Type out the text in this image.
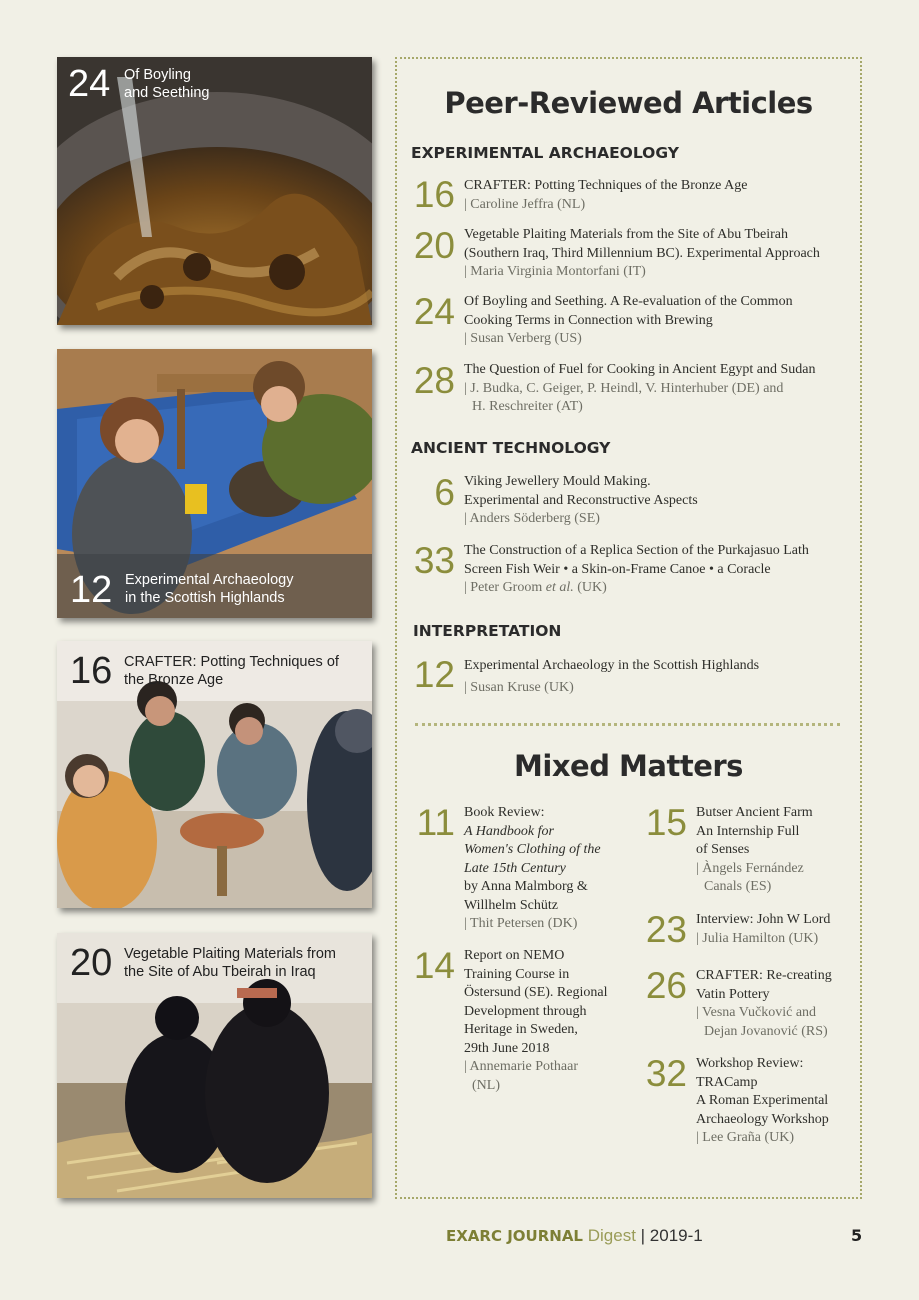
24 Of Boyling
and Seething
12 Experimental Archaeology
in the Scottish Highlands
16 CRAFTER: Potting Techniques of
the Bronze Age
20 Vegetable Plaiting Materials from
the Site of Abu Tbeirah in Iraq
Peer-Reviewed Articles
EXPERIMENTAL ARCHAEOLOGY
16 CRAFTER: Potting Techniques of the Bronze Age
| Caroline Jeffra (NL)
20 Vegetable Plaiting Materials from the Site of Abu Tbeirah
(Southern Iraq, Third Millennium BC). Experimental Approach
| Maria Virginia Montorfani (IT)
24 Of Boyling and Seething. A Re-evaluation of the Common
Cooking Terms in Connection with Brewing
| Susan Verberg (US)
28 The Question of Fuel for Cooking in Ancient Egypt and Sudan
| J. Budka, C. Geiger, P. Heindl, V. Hinterhuber (DE) and
H. Reschreiter (AT)
ANCIENT TECHNOLOGY
6 Viking Jewellery Mould Making.
Experimental and Reconstructive Aspects
| Anders Söderberg (SE)
33 The Construction of a Replica Section of the Purkajasuo Lath
Screen Fish Weir • a Skin-on-Frame Canoe • a Coracle
| Peter Groom et al. (UK)
INTERPRETATION
12 Experimental Archaeology in the Scottish Highlands
| Susan Kruse (UK)
Mixed Matters
11 Book Review:
A Handbook for
Women's Clothing of the
Late 15th Century
by Anna Malmborg &
Willhelm Schütz
| Thit Petersen (DK)
14 Report on NEMO
Training Course in
Östersund (SE). Regional
Development through
Heritage in Sweden,
29th June 2018
| Annemarie Pothaar
(NL)
15 Butser Ancient Farm
An Internship Full
of Senses
| Àngels Fernández
Canals (ES)
23 Interview: John W Lord
| Julia Hamilton (UK)
26 CRAFTER: Re-creating
Vatin Pottery
| Vesna Vučković and
Dejan Jovanović (RS)
32 Workshop Review:
TRACamp
A Roman Experimental
Archaeology Workshop
| Lee Graña (UK)
EXARC JOURNAL Digest | 2019-1	5
